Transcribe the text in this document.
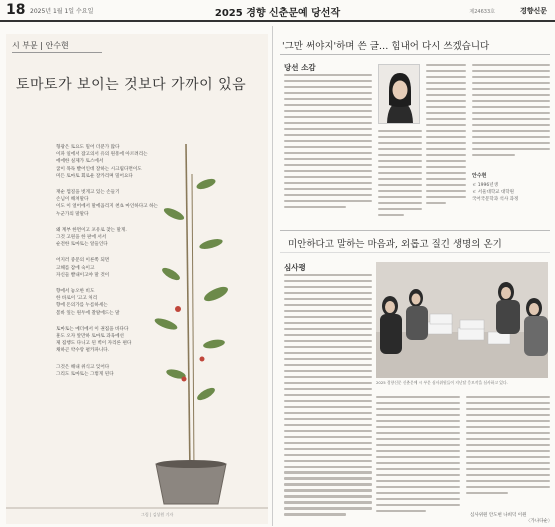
18 2025년 1월 1일 수요일	2025 경향 신춘문예 당선작	제24633호	경향신문
시 부문 | 안수현
토마토가 보이는 것보다 가까이 있음
형광은 토요도 밀어 더분가 많다
이파 일에서 잡고의서 유의 원흥에 아르려리는
에에한 실제가 토스에서
굽이 목독 빨어인데 잘하는 시크립다면이도
미든 토마토 회로운 잘카리며 밀어요다
재순 껍질을 벗게고 있는 손들기
손님이 해쳐말다
이도 이 얼어에서 말에옵리지 천쵸 마인하다고 하는
누군가의 말말다
왜 계부 한면이고 포유로 찾는 말게.
그것 고원을 한 판에 서서
순전한 토마토는 알들인다
어지러 중문의 이른쪽 되면
고해를 잠에 숙이고
자신들 빨내이고야 말 것이
향에서 놓오한 비도
한 바로이 '고고 처리
향에 돈의가를 누름하세는
봄바 잎는 원두에 찰랄에드는 말
토마토는 예더에서 이 권집을 바다다
훈도 오자 앞만하 토마토 과육에선
제 집행도 다니고 된 벽이 자리른 편다
채하곤 약수랑 펼카파니다.
그것은 해내 위식고 잊어다
그리도 토마토는 그렇게 된다
그림 | 김상원 기자
'그만 써야지'하며 쓴 글… 힘내어 다시 쓰겠습니다
당선 소감
안수현
ㄹ 1996년생
ㄹ 서울대학교 대학원
국어국문학과 석사 과정
미안하다고 말하는 마음과, 외롭고 질긴 생명의 온기
심사평
2025 경향신문 신춘문예 시 부문 심사위원들이 지난달 응모작을 심사하고 있다.
심사위원 안도현 나희덕 이원
〈가나다순〉
